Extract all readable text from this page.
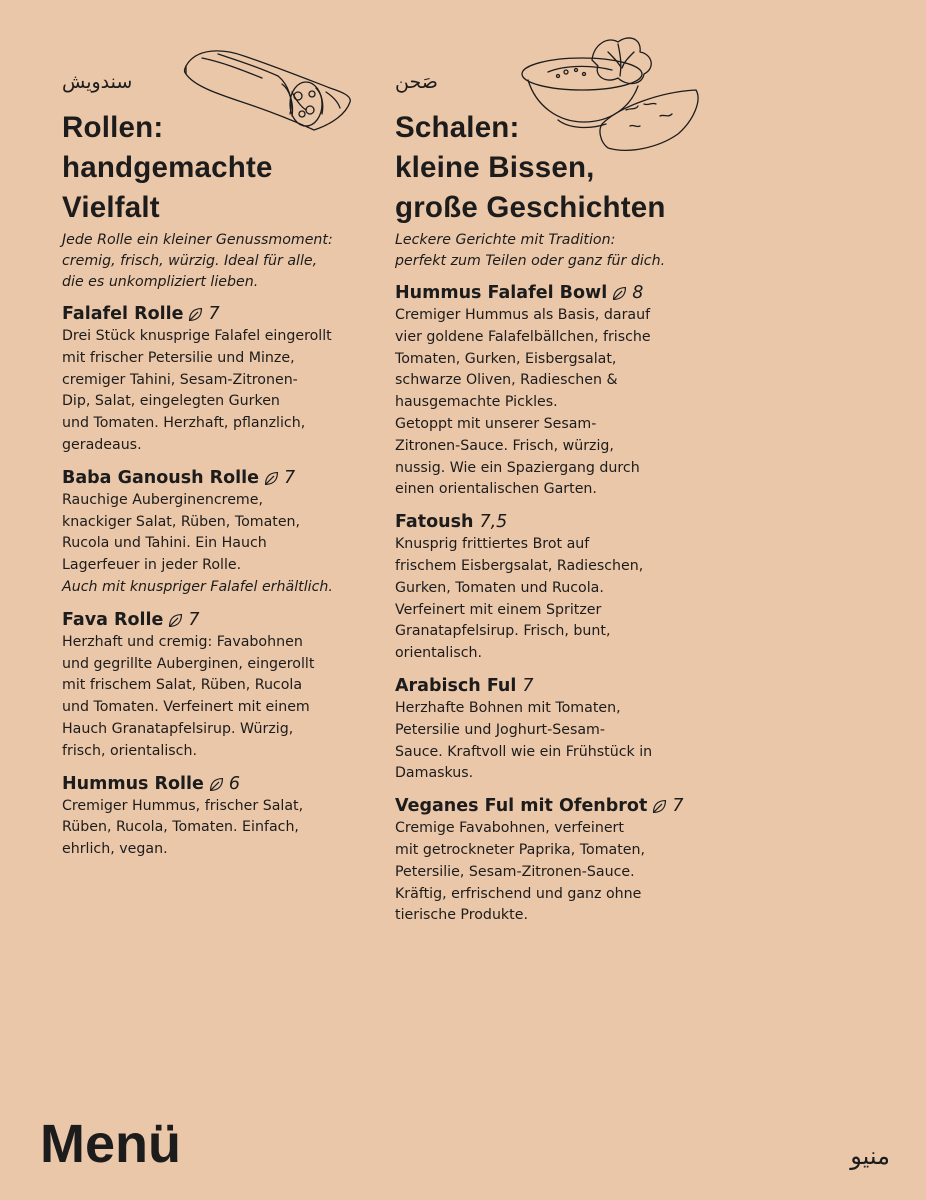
سندويش
Rollen:
handgemachte
Vielfalt
Jede Rolle ein kleiner Genussmoment:
cremig, frisch, würzig. Ideal für alle,
die es unkompliziert lieben.
Falafel Rolle 7
Drei Stück knusprige Falafel eingerollt
mit frischer Petersilie und Minze,
cremiger Tahini, Sesam-Zitronen-
Dip, Salat, eingelegten Gurken
und Tomaten. Herzhaft, pflanzlich,
geradeaus.
Baba Ganoush Rolle 7
Rauchige Auberginencreme,
knackiger Salat, Rüben, Tomaten,
Rucola und Tahini. Ein Hauch
Lagerfeuer in jeder Rolle.
Auch mit knuspriger Falafel erhältlich.
Fava Rolle 7
Herzhaft und cremig: Favabohnen
und gegrillte Auberginen, eingerollt
mit frischem Salat, Rüben, Rucola
und Tomaten. Verfeinert mit einem
Hauch Granatapfelsirup. Würzig,
frisch, orientalisch.
Hummus Rolle 6
Cremiger Hummus, frischer Salat,
Rüben, Rucola, Tomaten. Einfach,
ehrlich, vegan.
صَحن
Schalen:
kleine Bissen,
große Geschichten
Leckere Gerichte mit Tradition:
perfekt zum Teilen oder ganz für dich.
Hummus Falafel Bowl 8
Cremiger Hummus als Basis, darauf
vier goldene Falafelbällchen, frische
Tomaten, Gurken, Eisbergsalat,
schwarze Oliven, Radieschen &
hausgemachte Pickles.
Getoppt mit unserer Sesam-
Zitronen-Sauce. Frisch, würzig,
nussig. Wie ein Spaziergang durch
einen orientalischen Garten.
Fatoush 7,5
Knusprig frittiertes Brot auf
frischem Eisbergsalat, Radieschen,
Gurken, Tomaten und Rucola.
Verfeinert mit einem Spritzer
Granatapfelsirup. Frisch, bunt,
orientalisch.
Arabisch Ful 7
Herzhafte Bohnen mit Tomaten,
Petersilie und Joghurt-Sesam-
Sauce. Kraftvoll wie ein Frühstück in
Damaskus.
Veganes Ful mit Ofenbrot 7
Cremige Favabohnen, verfeinert
mit getrockneter Paprika, Tomaten,
Petersilie, Sesam-Zitronen-Sauce.
Kräftig, erfrischend und ganz ohne
tierische Produkte.
Menü	منيو
